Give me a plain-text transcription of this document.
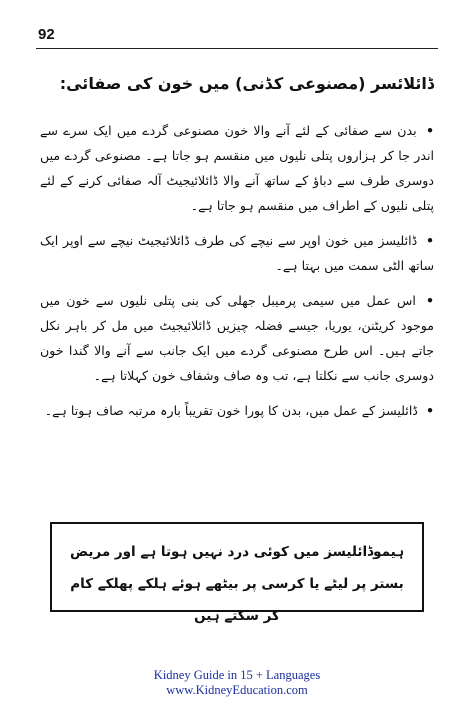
92
ڈائلائسر (مصنوعی کڈنی) میں خون کی صفائی:

• بدن سے صفائی کے لئے آنے والا خون مصنوعی گردے میں ایک سرے سے اندر جا کر ہزاروں پتلی نلیوں میں منقسم ہو جاتا ہے۔ مصنوعی گردے میں دوسری طرف سے دباؤ کے ساتھ آنے والا ڈائلائیجیٹ آلہ صفائی کرنے کے لئے پتلی نلیوں کے اطراف میں منقسم ہو جاتا ہے۔

• ڈائلیسز میں خون اوپر سے نیچے کی طرف ڈائلائیجیٹ نیچے سے اوپر ایک ساتھ الٹی سمت میں بہتا ہے۔

• اس عمل میں سیمی پرمیبل جھلی کی بنی پتلی نلیوں سے خون میں موجود کریٹنن، یوریا، جیسے فضلہ چیزیں ڈائلائیجیٹ میں مل کر باہر نکل جاتے ہیں۔ اس طرح مصنوعی گردے میں ایک جانب سے آنے والا گندا خون دوسری جانب سے نکلتا ہے، تب وہ صاف وشفاف خون کہلاتا ہے۔

• ڈائلیسز کے عمل میں، بدن کا پورا خون تقریباً بارہ مرتبہ صاف ہوتا ہے۔

ہیموڈائلیسز میں کوئی درد نہیں ہوتا ہے اور مریض بستر پر لیٹے یا کرسی پر بیٹھے ہوئے ہلکے پھلکے کام کر سکتے ہیں
Kidney Guide in 15 + Languages
www.KidneyEducation.com
